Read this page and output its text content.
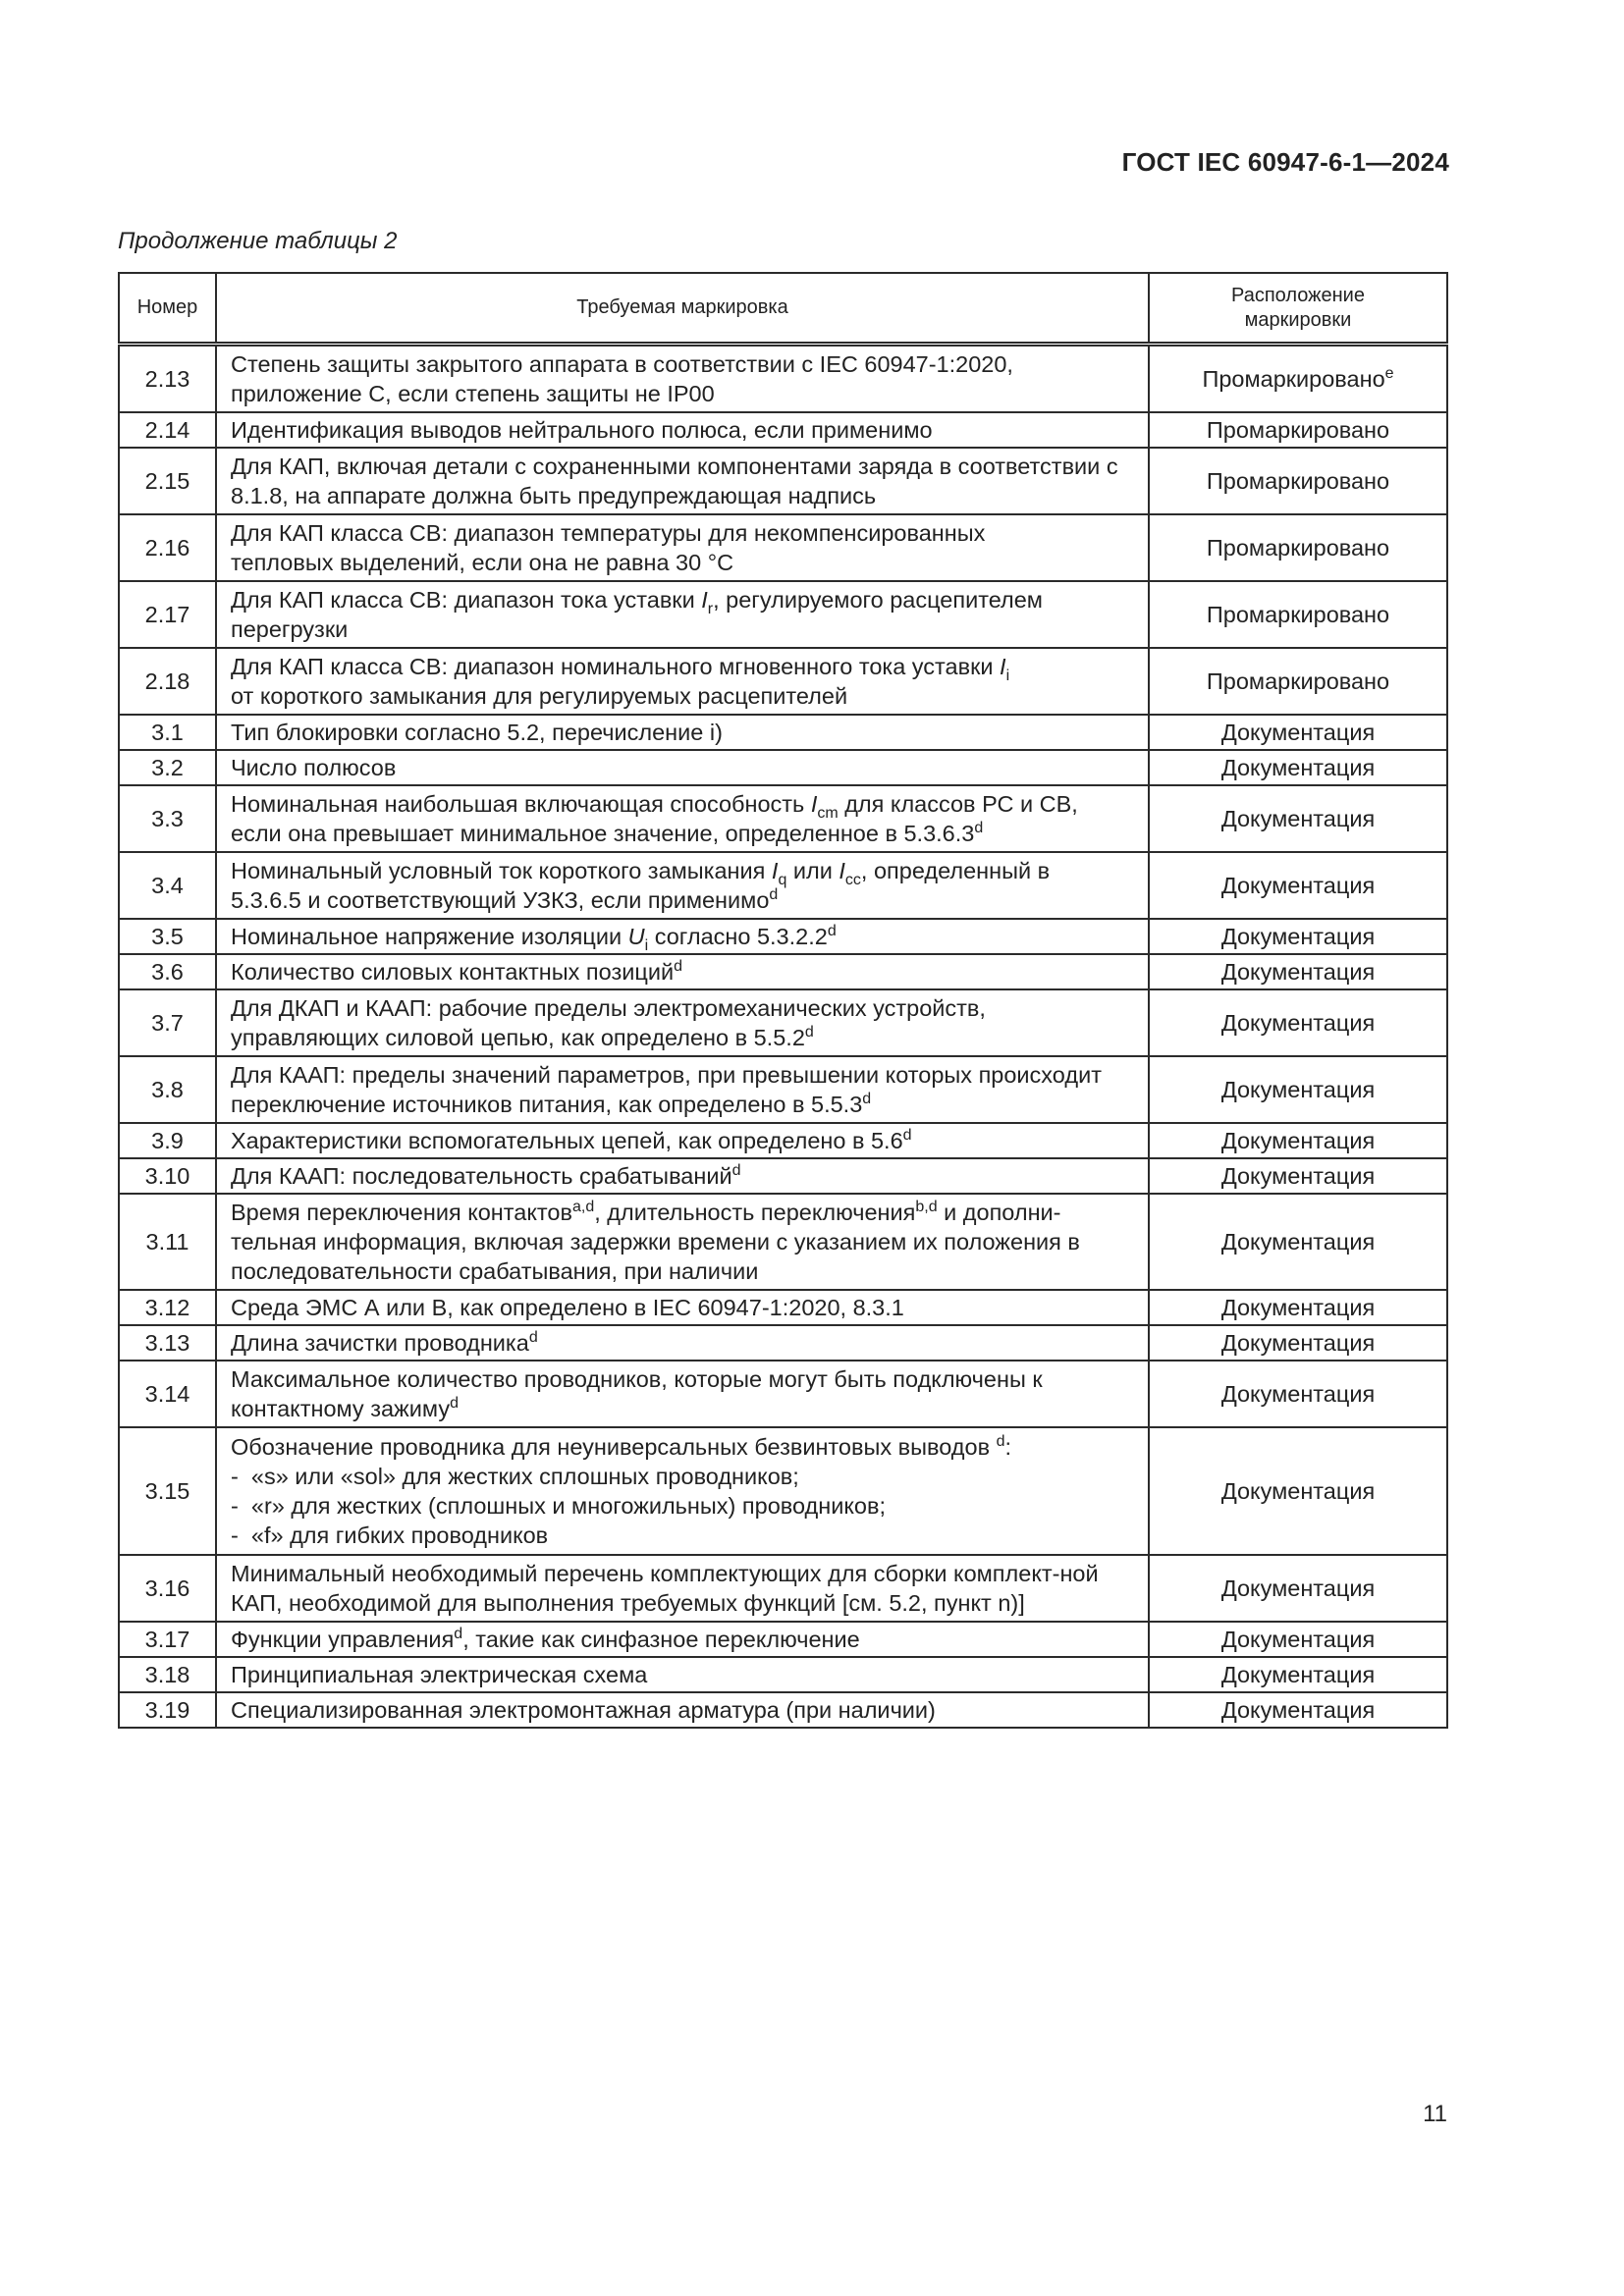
ГОСТ IEC 60947-6-1—2024
Продолжение таблицы 2
Номер	Требуемая маркировка	Расположение маркировки
2.13	Степень защиты закрытого аппарата в соответствии с IEC 60947-1:2020, приложение C, если степень защиты не IP00	Промаркировано$^e$
2.14	Идентификация выводов нейтрального полюса, если применимо	Промаркировано
2.15	Для КАП, включая детали с сохраненными компонентами заряда в соответствии с 8.1.8, на аппарате должна быть предупреждающая надпись	Промаркировано
2.16	Для КАП класса СВ: диапазон температуры для некомпенсированных тепловых выделений, если она не равна 30 °C	Промаркировано
2.17	Для КАП класса СВ: диапазон тока уставки $I_r$, регулируемого расцепителем перегрузки	Промаркировано
2.18	Для КАП класса СВ: диапазон номинального мгновенного тока уставки $I_i$
от короткого замыкания для регулируемых расцепителей	Промаркировано
3.1	Тип блокировки согласно 5.2, перечисление i)	Документация
3.2	Число полюсов	Документация
3.3	Номинальная наибольшая включающая способность $I_{cm}$ для классов РС и СВ, если она превышает минимальное значение, определенное в 5.3.6.3$^d$	Документация
3.4	Номинальный условный ток короткого замыкания $I_q$ или $I_{cc}$, определенный в 5.3.6.5 и соответствующий УЗКЗ, если применимо$^d$	Документация
3.5	Номинальное напряжение изоляции $U_i$ согласно 5.3.2.2$^d$	Документация
3.6	Количество силовых контактных позиций$^d$	Документация
3.7	Для ДКАП и КААП: рабочие пределы электромеханических устройств, управляющих силовой цепью, как определено в 5.5.2$^d$	Документация
3.8	Для КААП: пределы значений параметров, при превышении которых происходит переключение источников питания, как определено в 5.5.3$^d$	Документация
3.9	Характеристики вспомогательных цепей, как определено в 5.6$^d$	Документация
3.10	Для КААП: последовательность срабатываний$^d$	Документация
3.11	Время переключения контактов$^{a,d}$, длительность переключения$^{b,d}$ и дополни-тельная информация, включая задержки времени с указанием их положения в последовательности срабатывания, при наличии	Документация
3.12	Среда ЭМС А или В, как определено в IEC 60947-1:2020, 8.3.1	Документация
3.13	Длина зачистки проводника$^d$	Документация
3.14	Максимальное количество проводников, которые могут быть подключены к контактному зажиму$^d$	Документация
3.15	Обозначение проводника для неуниверсальных безвинтовых выводов $^d$:
-  «s» или «sol» для жестких сплошных проводников;
-  «r» для жестких (сплошных и многожильных) проводников;
-  «f» для гибких проводников	Документация
3.16	Минимальный необходимый перечень комплектующих для сборки комплект-ной КАП, необходимой для выполнения требуемых функций [см. 5.2, пункт n)]	Документация
3.17	Функции управления$^d$, такие как синфазное переключение	Документация
3.18	Принципиальная электрическая схема	Документация
3.19	Специализированная электромонтажная арматура (при наличии)	Документация
11
